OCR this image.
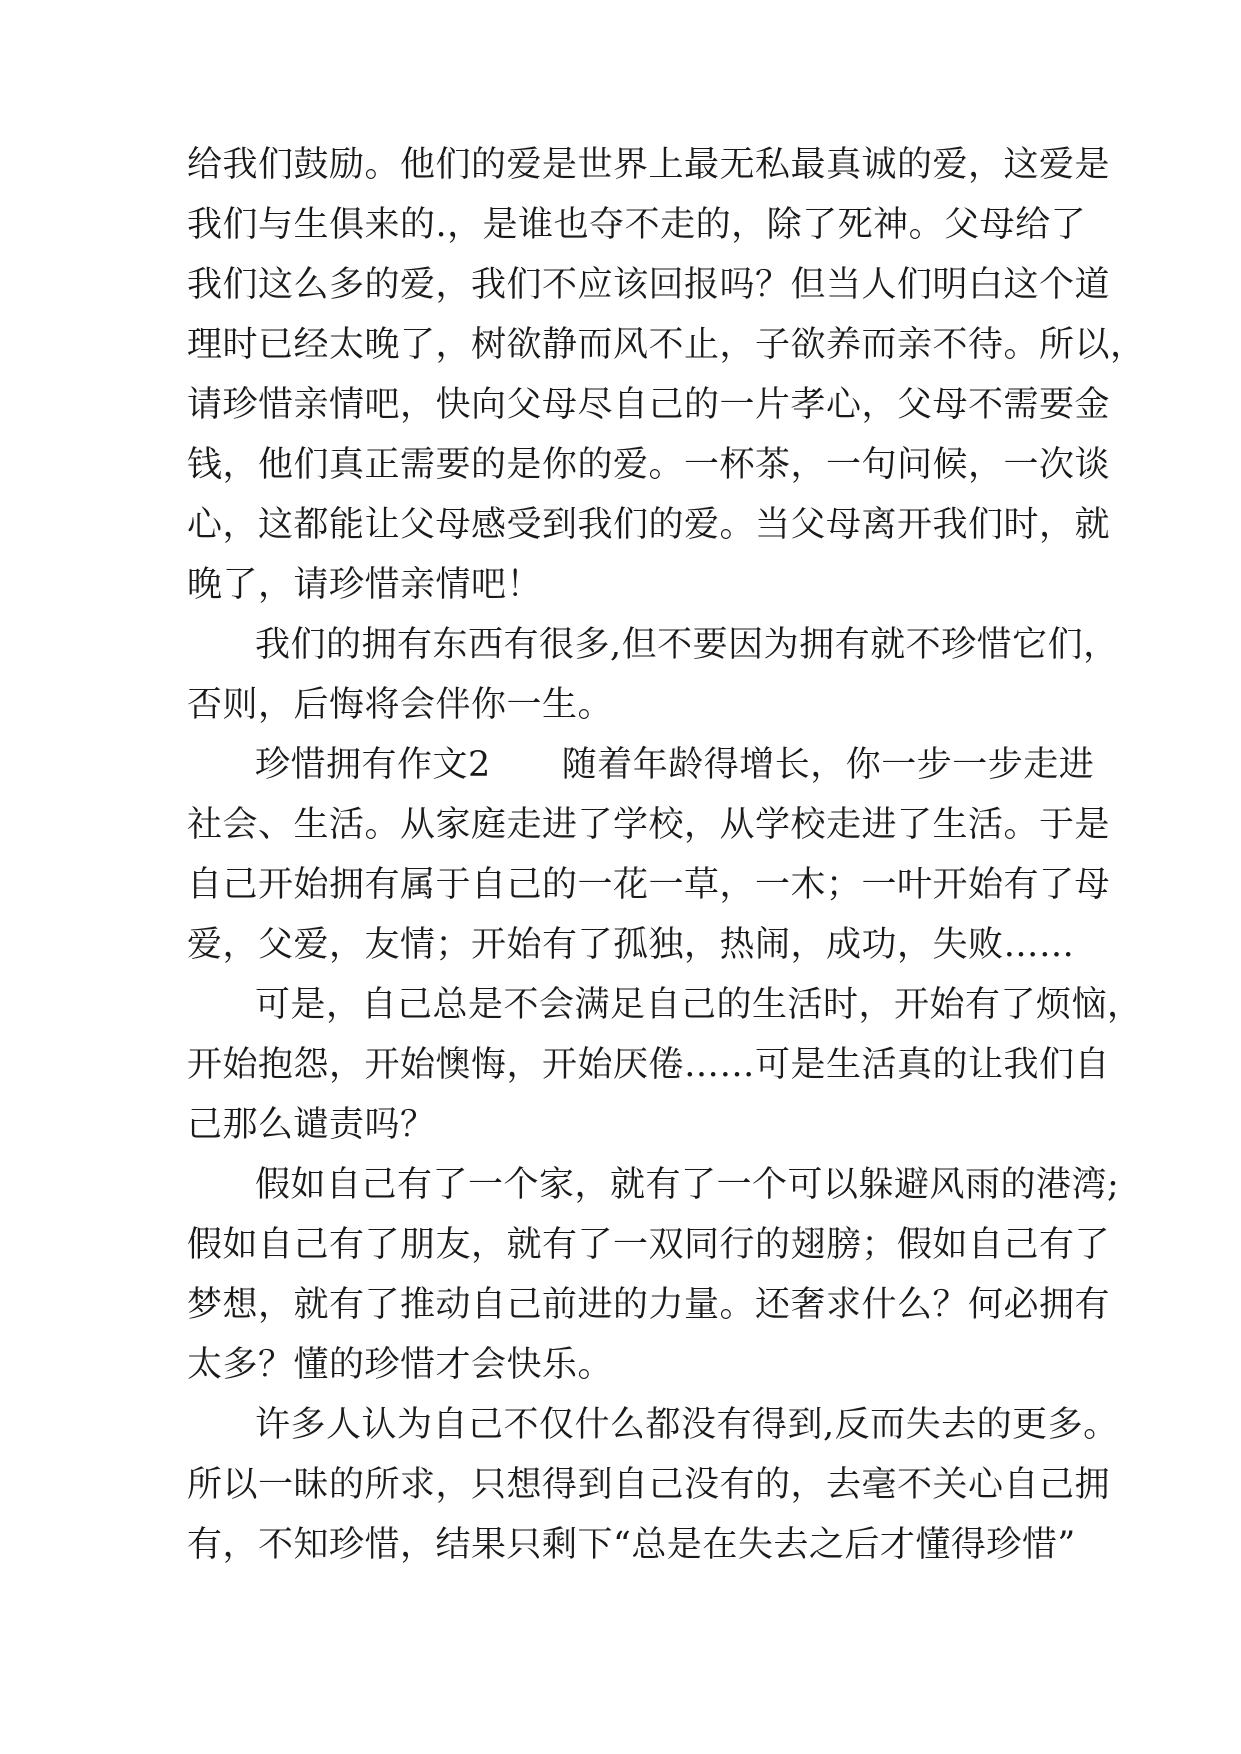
给我们鼓励。他们的爱是世界上最无私最真诚的爱，这爱是
我们与生俱来的.，是谁也夺不走的，除了死神。父母给了
我们这么多的爱，我们不应该回报吗？但当人们明白这个道
理时已经太晚了，树欲静而风不止，子欲养而亲不待。所以，
请珍惜亲情吧，快向父母尽自己的一片孝心，父母不需要金
钱，他们真正需要的是你的爱。一杯茶，一句问候，一次谈
心，这都能让父母感受到我们的爱。当父母离开我们时，就
晚了，请珍惜亲情吧！
我们的拥有东西有很多,但不要因为拥有就不珍惜它们，
否则，后悔将会伴你一生。
珍惜拥有作文2　　随着年龄得增长，你一步一步走进
社会、生活。从家庭走进了学校，从学校走进了生活。于是
自己开始拥有属于自己的一花一草，一木；一叶开始有了母
爱，父爱，友情；开始有了孤独，热闹，成功，失败……
可是，自己总是不会满足自己的生活时，开始有了烦恼，
开始抱怨，开始懊悔，开始厌倦……可是生活真的让我们自
己那么谴责吗？
假如自己有了一个家，就有了一个可以躲避风雨的港湾;
假如自己有了朋友，就有了一双同行的翅膀；假如自己有了
梦想，就有了推动自己前进的力量。还奢求什么？何必拥有
太多？懂的珍惜才会快乐。
许多人认为自己不仅什么都没有得到,反而失去的更多。
所以一昧的所求，只想得到自己没有的，去毫不关心自己拥
有，不知珍惜，结果只剩下“总是在失去之后才懂得珍惜”
